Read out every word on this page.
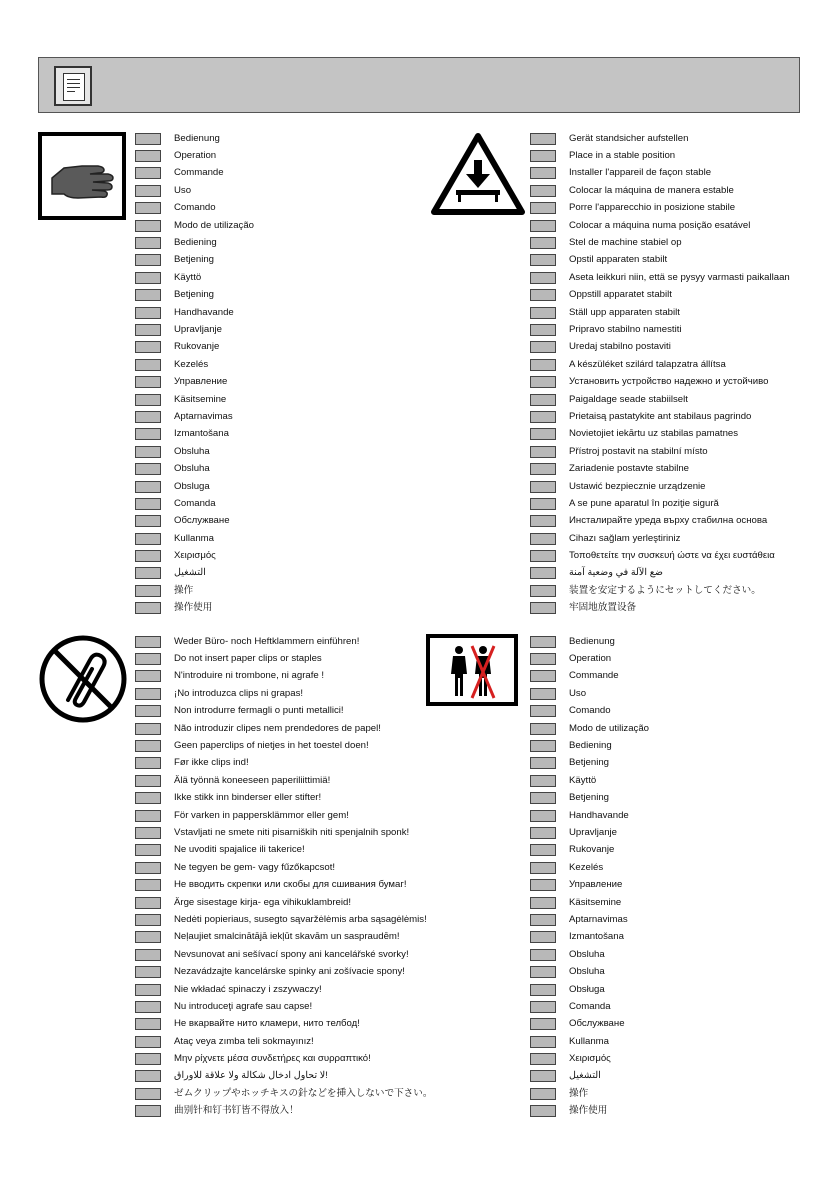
Bedienung
Operation
Commande
Uso
Comando
Modo de utilização
Bediening
Betjening
Käyttö
Betjening
Handhavande
Upravljanje
Rukovanje
Kezelés
Управление
Käsitsemine
Aptarnavimas
Izmantošana
Obsluha
Obsluha
Obsluga
Comanda
Обслужване
Kullanma
Χειρισμός
التشغيل
操作
操作使用
Gerät standsicher aufstellen
Place in a stable position
Installer l'appareil de façon stable
Colocar la máquina de manera estable
Porre l'apparecchio in posizione stabile
Colocar a máquina numa posição esatável
Stel de machine stabiel op
Opstil apparaten stabilt
Aseta leikkuri niin, että se pysyy varmasti paikallaan
Oppstill apparatet stabilt
Ställ upp apparaten stabilt
Pripravo stabilno namestiti
Uredaj stabilno postaviti
A készüléket szilárd talapzatra állítsa
Устанoвить устройство надежно и устойчиво
Paigaldage seade stabiilselt
Prietaisą pastatykite ant stabilaus pagrindo
Novietojiet iekārtu uz stabilas pamatnes
Přístroj postavit na stabilní místo
Zariadenie postavte stabilne
Ustawić bezpiecznie urządzenie
A se pune aparatul în poziţie sigură
Инсталирайте уреда върху стабилна основа
Cihazı sağlam yerleştiriniz
Τοποθετείτε την συσκευή ώστε να έχει ευστάθεια
ضع الآلة في وضعية آمنة
装置を安定するようにセットしてください。
牢固地放置设备
Weder Büro- noch Heftklammern einführen!
Do not insert paper clips or staples
N'introduire ni trombone, ni agrafe !
¡No introduzca clips ni grapas!
Non introdurre fermagli o punti metallici!
Não introduzir clipes nem prendedores de papel!
Geen paperclips of nietjes in het toestel doen!
Før ikke clips ind!
Älä työnnä koneeseen paperiliittimiä!
Ikke stikk inn binderser eller stifter!
För varken in pappersklämmor eller gem!
Vstavljati ne smete niti pisarniških niti spenjalnih sponk!
Ne uvoditi spajalice ili takerice!
Ne tegyen be gem- vagy fűzőkapcsot!
Не вводить скрепки или скобы для сшивания бумаг!
Ärge sisestage kirja- ega vihikuklambreid!
Nedėti popieriaus, susegto sąvaržėlėmis arba sąsagėlėmis!
Neļaujiet smalcinātājā iekļūt skavām un saspraudēm!
Nevsunovat ani sešívací spony ani kancelářské svorky!
Nezavádzajte kancelárske spinky ani zošívacie spony!
Nie wkładać spinaczy i zszywaczy!
Nu introduceţi agrafe sau capse!
Не вкарвайте нито кламери, нито телбод!
Ataç veya zımba teli sokmayınız!
Μην ρίχνετε μέσα συνδετήρες και συρραπτικό!
لا تحاول ادخال شكالة ولا علاقة للاوراق!
ゼムクリップやホッチキスの針などを挿入しないで下さい。
曲别针和钉书钉皆不得放入！
Bedienung
Operation
Commande
Uso
Comando
Modo de utilização
Bediening
Betjening
Käyttö
Betjening
Handhavande
Upravljanje
Rukovanje
Kezelés
Управление
Käsitsemine
Aptarnavimas
Izmantošana
Obsluha
Obsluha
Obsługa
Comanda
Обслужване
Kullanma
Χειρισμός
التشغيل
操作
操作使用
